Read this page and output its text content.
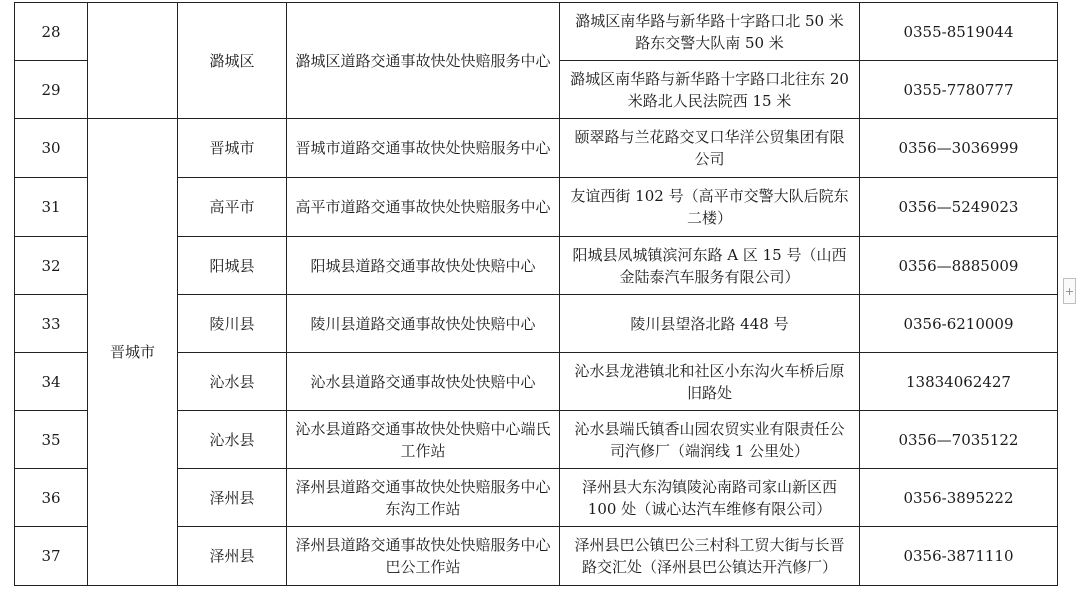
28		潞城区	潞城区道路交通事故快处快赔服务中心	潞城区南华路与新华路十字路口北 50 米路东交警大队南 50 米	0355-8519044
29				潞城区南华路与新华路十字路口北往东 20 米路北人民法院西 15 米	0355-7780777
30	晋城市	晋城市	晋城市道路交通事故快处快赔服务中心	颐翠路与兰花路交叉口华洋公贸集团有限公司	0356—3036999
31		高平市	高平市道路交通事故快处快赔服务中心	友谊西街 102 号（高平市交警大队后院东二楼）	0356—5249023
32		阳城县	阳城县道路交通事故快处快赔中心	阳城县凤城镇滨河东路 A 区 15 号（山西金陆泰汽车服务有限公司）	0356—8885009
33		陵川县	陵川县道路交通事故快处快赔中心	陵川县望洛北路 448 号	0356-6210009
34		沁水县	沁水县道路交通事故快处快赔中心	沁水县龙港镇北和社区小东沟火车桥后原旧路处	13834062427
35		沁水县	沁水县道路交通事故快处快赔中心端氏工作站	沁水县端氏镇香山园农贸实业有限责任公司汽修厂（端润线 1 公里处）	0356—7035122
36		泽州县	泽州县道路交通事故快处快赔服务中心东沟工作站	泽州县大东沟镇陵沁南路司家山新区西 100 处（诚心达汽车维修有限公司）	0356-3895222
37		泽州县	泽州县道路交通事故快处快赔服务中心巴公工作站	泽州县巴公镇巴公三村科工贸大街与长晋路交汇处（泽州县巴公镇达开汽修厂）	0356-3871110
+
